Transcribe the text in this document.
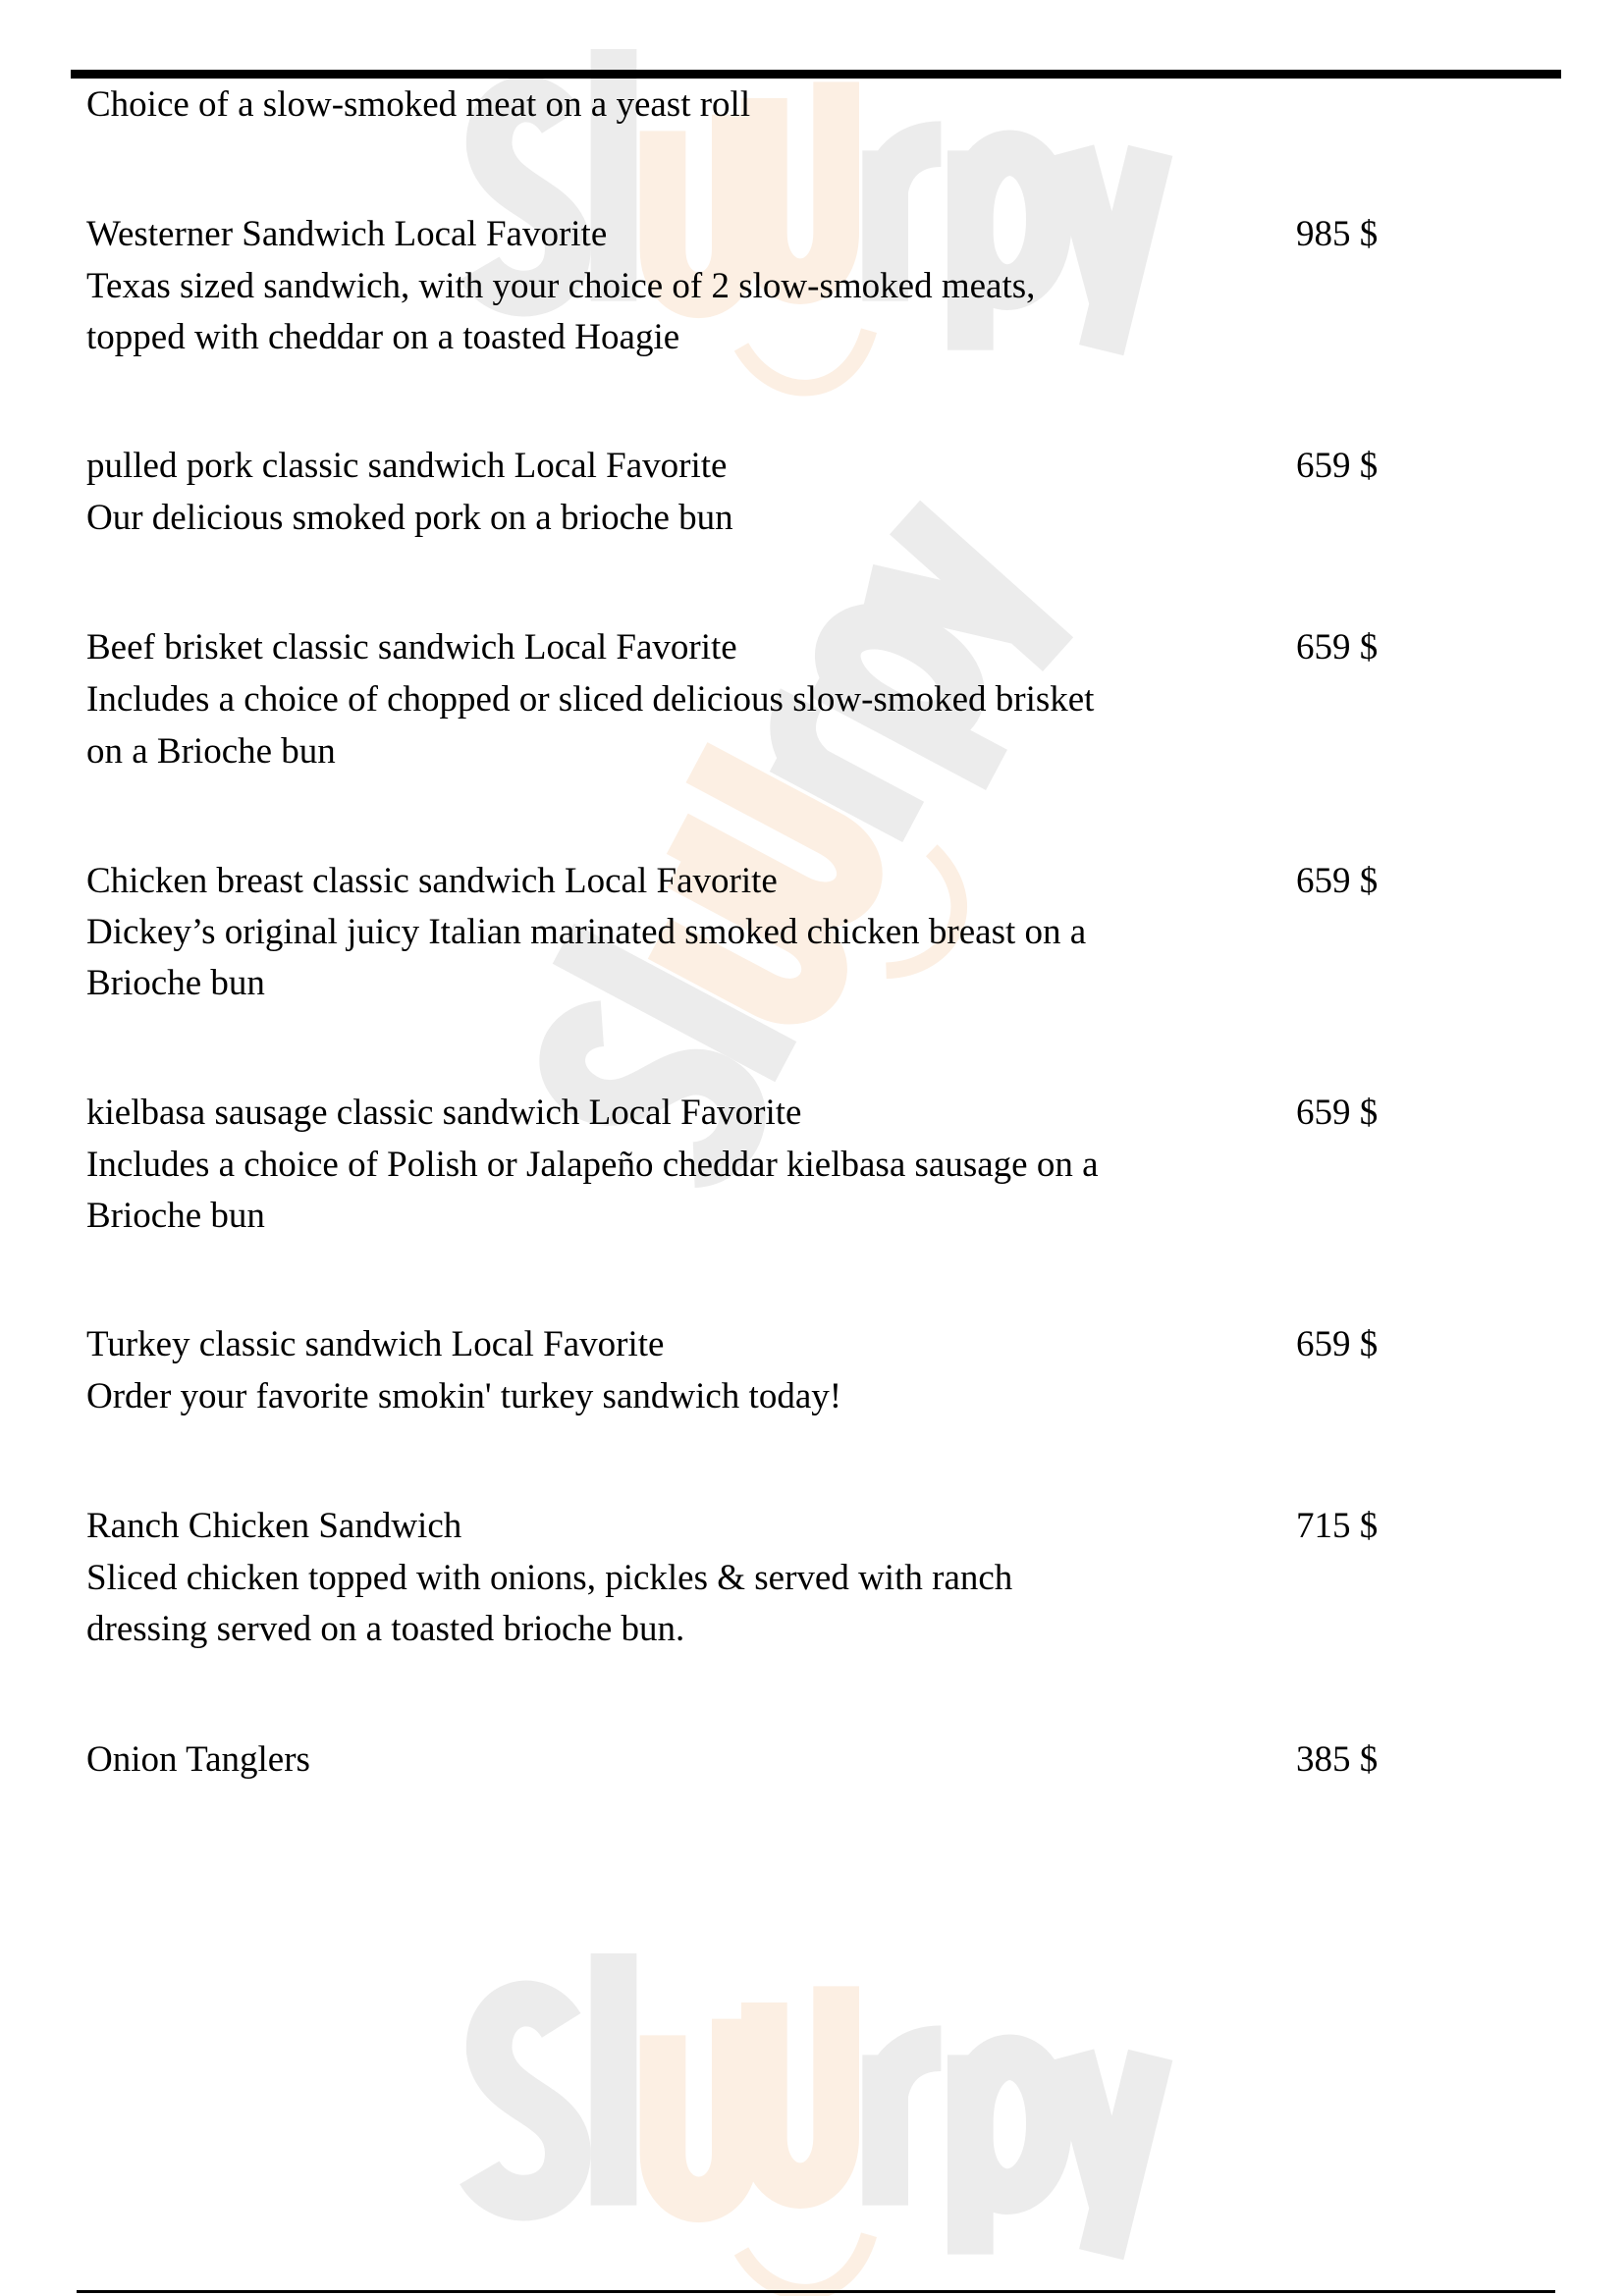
Choice of a slow-smoked meat on a yeast roll
Westerner Sandwich Local Favorite	985 $
Texas sized sandwich, with your choice of 2 slow-smoked meats,
topped with cheddar on a toasted Hoagie
pulled pork classic sandwich Local Favorite	659 $
Our delicious smoked pork on a brioche bun
Beef brisket classic sandwich Local Favorite	659 $
Includes a choice of chopped or sliced delicious slow-smoked brisket
on a Brioche bun
Chicken breast classic sandwich Local Favorite	659 $
Dickey’s original juicy Italian marinated smoked chicken breast on a
Brioche bun
kielbasa sausage classic sandwich Local Favorite	659 $
Includes a choice of Polish or Jalapeño cheddar kielbasa sausage on a
Brioche bun
Turkey classic sandwich Local Favorite	659 $
Order your favorite smokin' turkey sandwich today!
Ranch Chicken Sandwich	715 $
Sliced chicken topped with onions, pickles & served with ranch
dressing served on a toasted brioche bun.
Onion Tanglers	385 $
